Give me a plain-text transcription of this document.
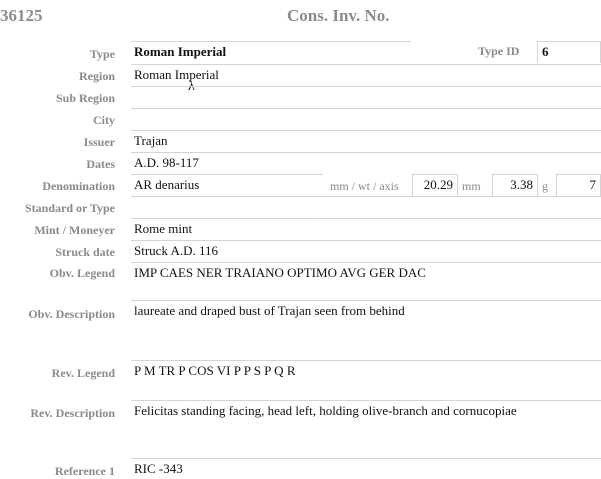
36125	Cons. Inv. No.
Type Roman Imperial	Type ID	6
Region Roman Imperial
λ
Sub Region
City
Issuer Trajan
Dates A.D. 98-117
Denomination AR denarius	mm / wt / axis	20.29 mm	3.38 g	7
Standard or Type
Mint / Moneyer Rome mint
Struck date Struck A.D. 116
Obv. Legend IMP CAES NER TRAIANO OPTIMO AVG GER DAC
Obv. Description laureate and draped bust of Trajan seen from behind
Rev. Legend P M TR P COS VI P P S P Q R
Rev. Description Felicitas standing facing, head left, holding olive-branch and cornucopiae
Reference 1 RIC -343
